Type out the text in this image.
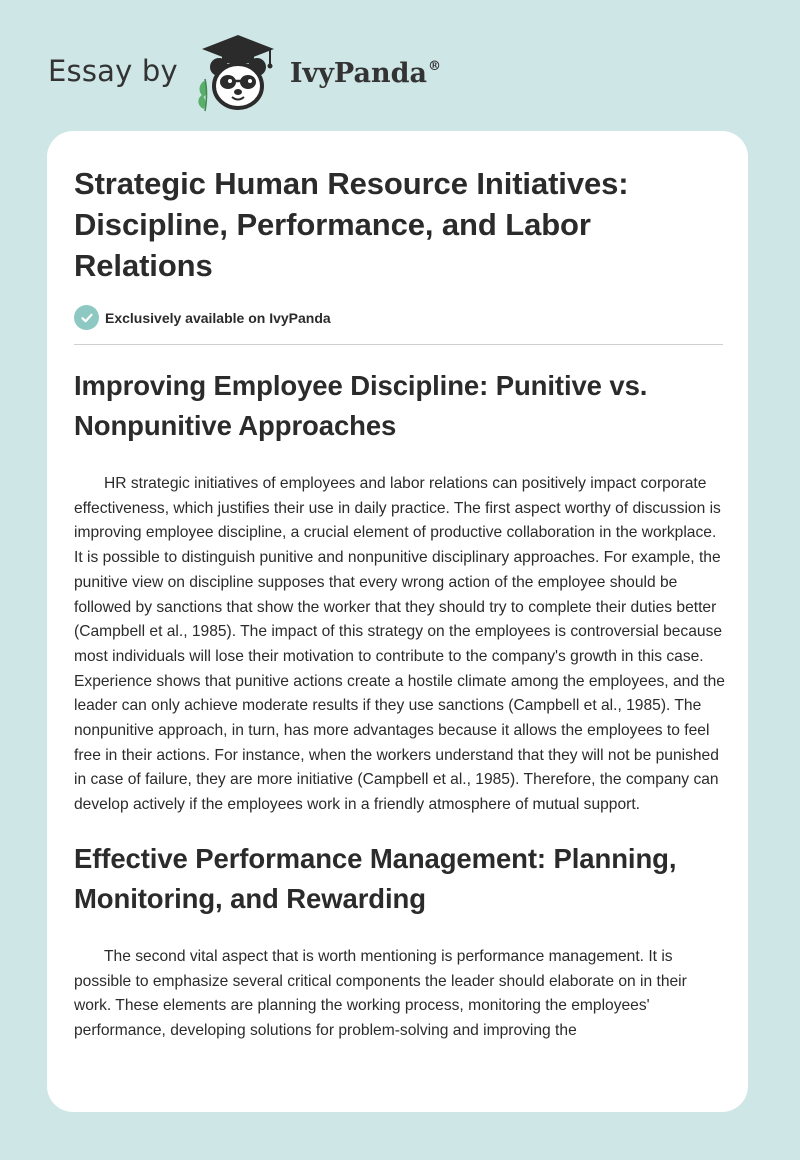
Essay by	IvyPanda®
Strategic Human Resource Initiatives: Discipline, Performance, and Labor Relations
Exclusively available on IvyPanda
Improving Employee Discipline: Punitive vs. Nonpunitive Approaches

HR strategic initiatives of employees and labor relations can positively impact corporate effectiveness, which justifies their use in daily practice. The first aspect worthy of discussion is improving employee discipline, a crucial element of productive collaboration in the workplace. It is possible to distinguish punitive and nonpunitive disciplinary approaches. For example, the punitive view on discipline supposes that every wrong action of the employee should be followed by sanctions that show the worker that they should try to complete their duties better (Campbell et al., 1985). The impact of this strategy on the employees is controversial because most individuals will lose their motivation to contribute to the company's growth in this case. Experience shows that punitive actions create a hostile climate among the employees, and the leader can only achieve moderate results if they use sanctions (Campbell et al., 1985). The nonpunitive approach, in turn, has more advantages because it allows the employees to feel free in their actions. For instance, when the workers understand that they will not be punished in case of failure, they are more initiative (Campbell et al., 1985). Therefore, the company can develop actively if the employees work in a friendly atmosphere of mutual support.

Effective Performance Management: Planning, Monitoring, and Rewarding

The second vital aspect that is worth mentioning is performance management. It is possible to emphasize several critical components the leader should elaborate on in their work. These elements are planning the working process, monitoring the employees' performance, developing solutions for problem-solving and improving the
